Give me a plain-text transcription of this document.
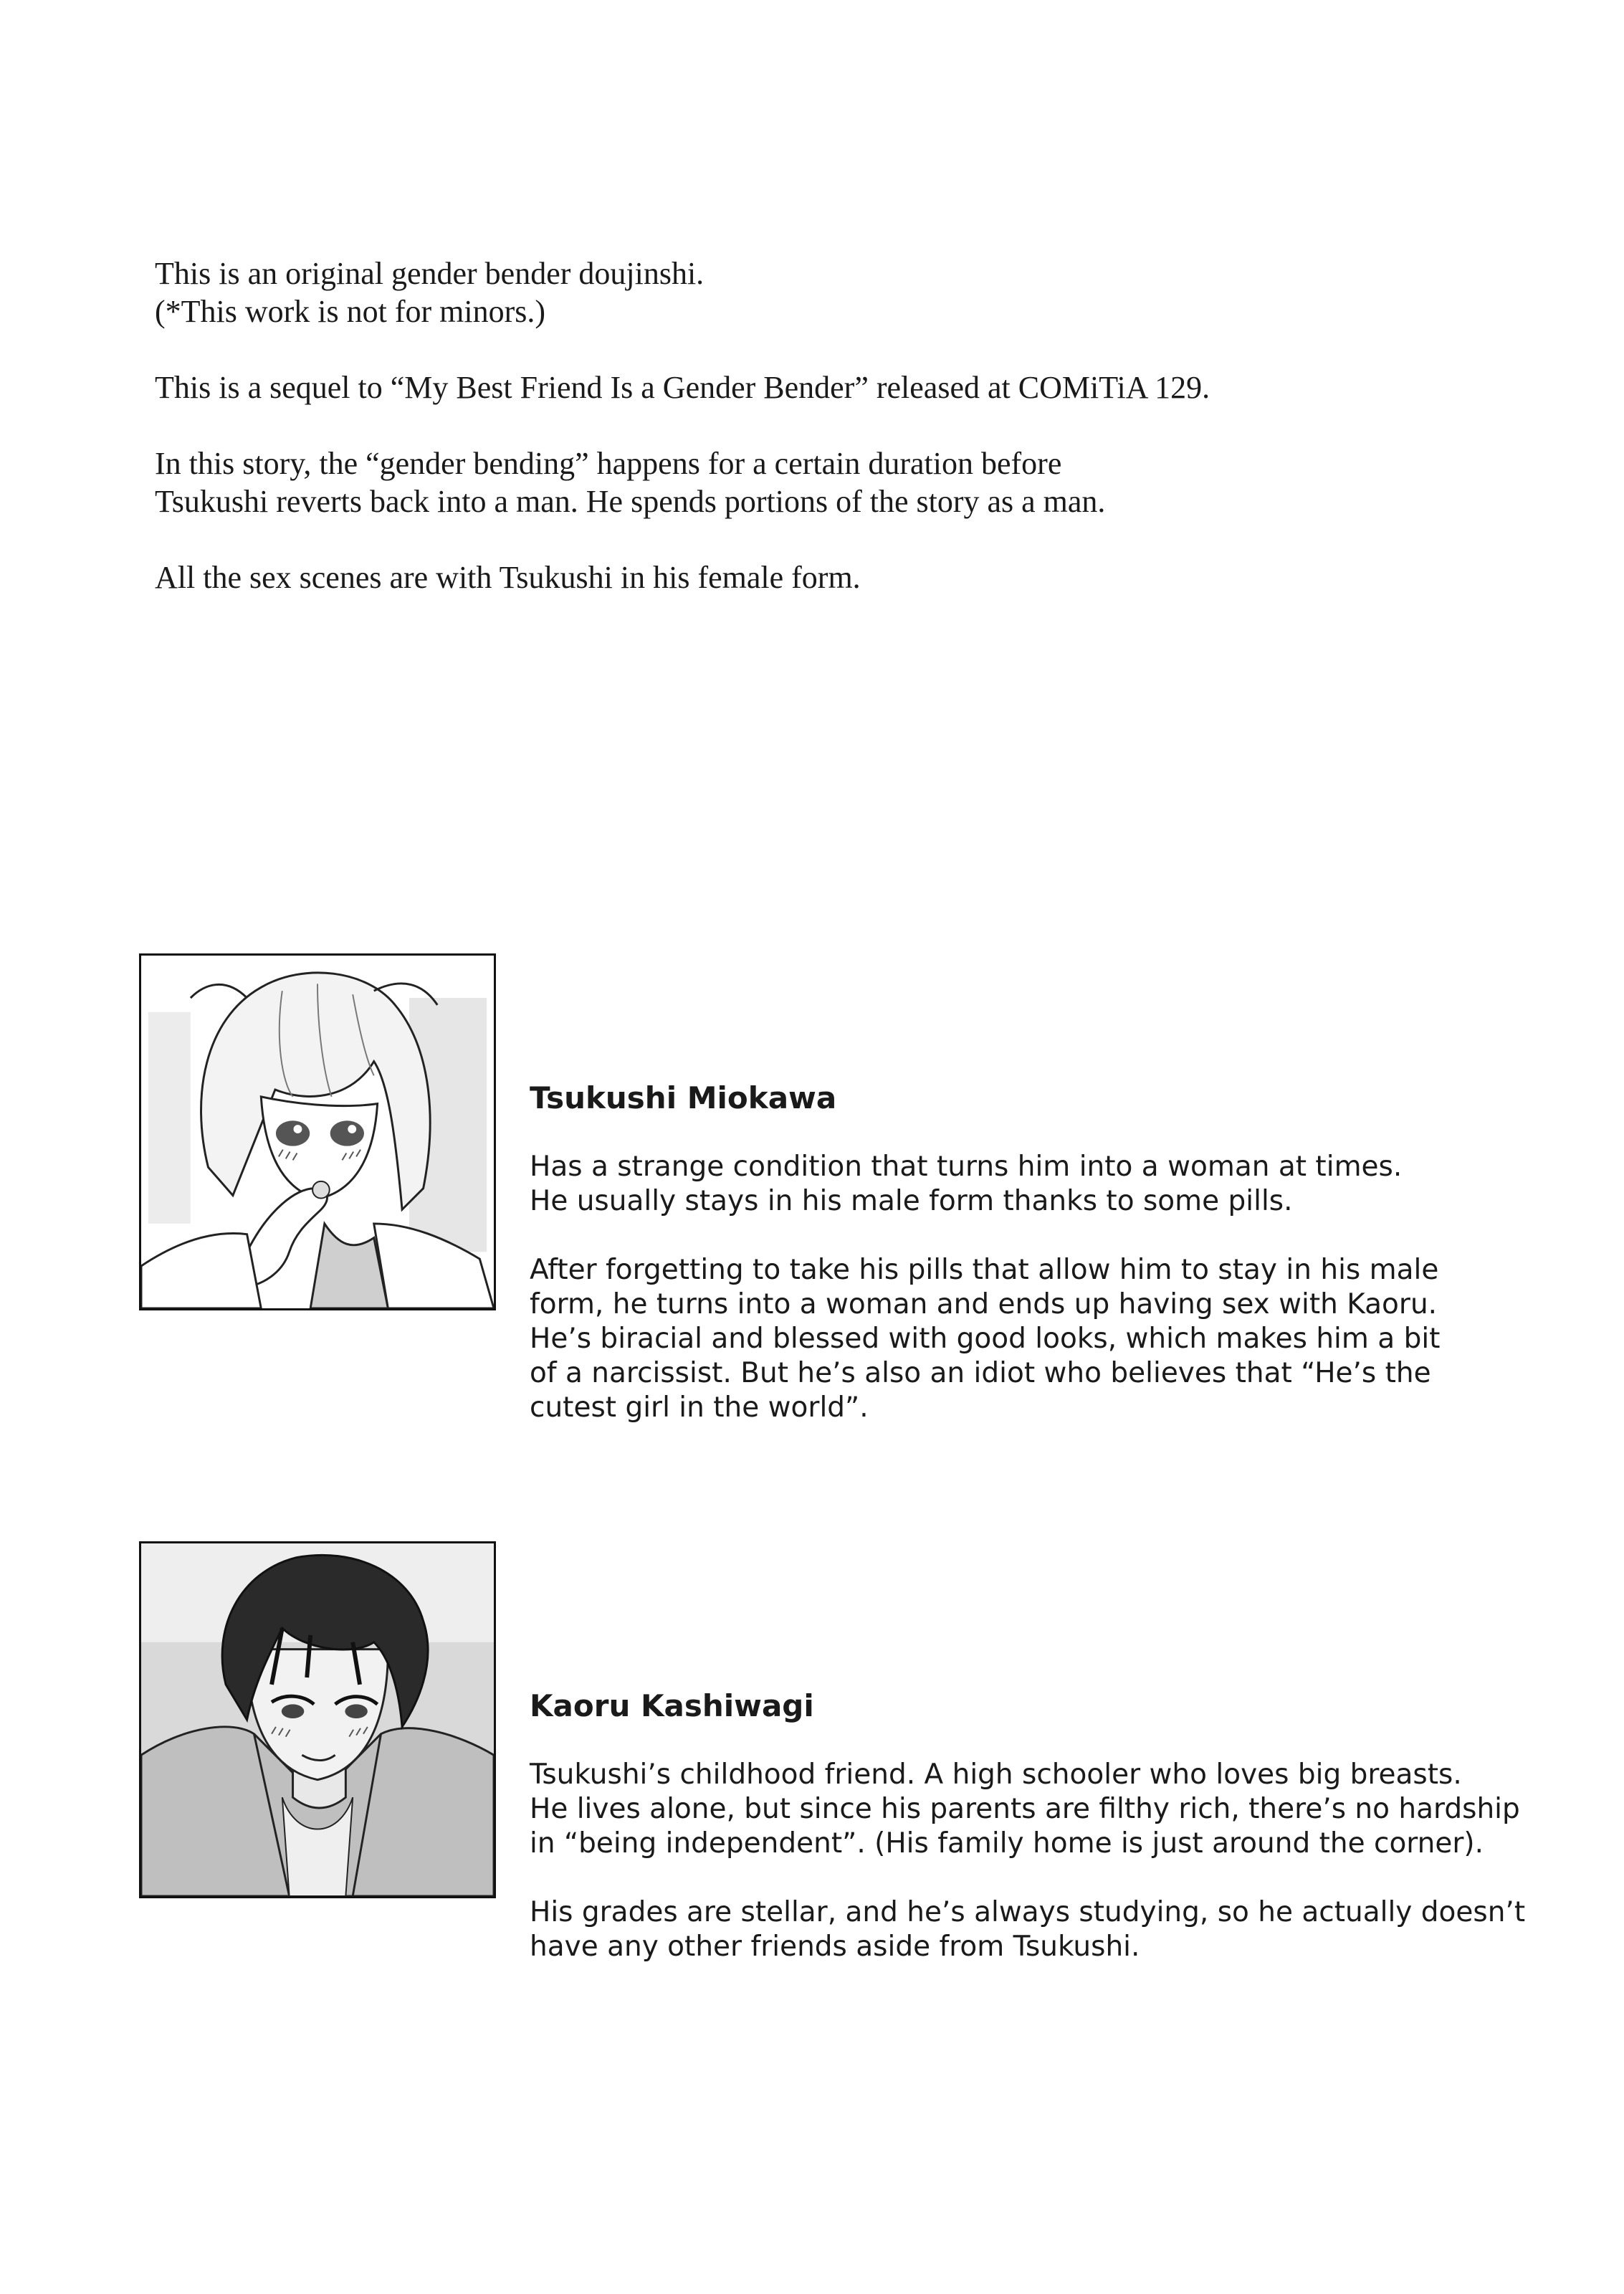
This is an original gender bender doujinshi.
(*This work is not for minors.)

This is a sequel to “My Best Friend Is a Gender Bender” released at COMiTiA 129.

In this story, the “gender bending” happens for a certain duration before
Tsukushi reverts back into a man. He spends portions of the story as a man.

All the sex scenes are with Tsukushi in his female form.

Tsukushi Miokawa

Has a strange condition that turns him into a woman at times.
He usually stays in his male form thanks to some pills.

After forgetting to take his pills that allow him to stay in his male
form, he turns into a woman and ends up having sex with Kaoru.
He’s biracial and blessed with good looks, which makes him a bit
of a narcissist. But he’s also an idiot who believes that “He’s the
cutest girl in the world”.

Kaoru Kashiwagi

Tsukushi’s childhood friend. A high schooler who loves big breasts.
He lives alone, but since his parents are filthy rich, there’s no hardship
in “being independent”. (His family home is just around the corner).

His grades are stellar, and he’s always studying, so he actually doesn’t
have any other friends aside from Tsukushi.
